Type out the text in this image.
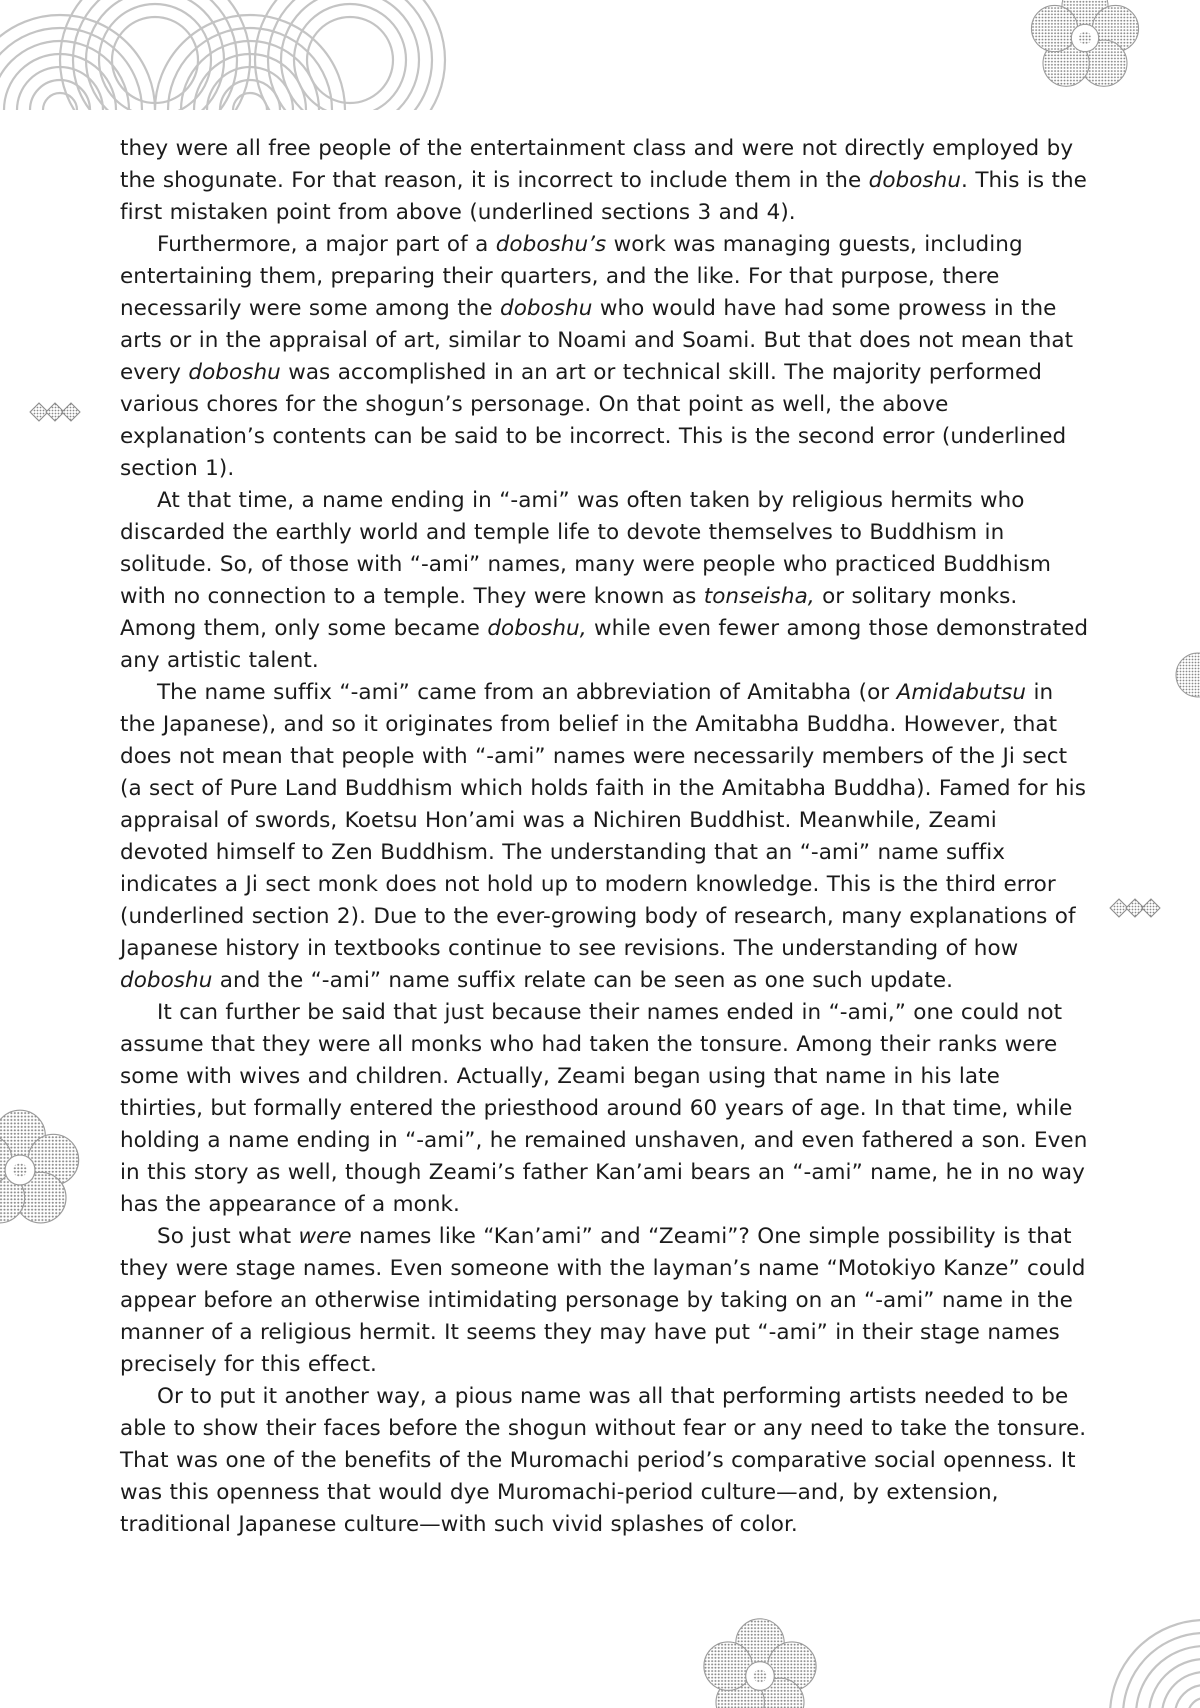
they were all free people of the entertainment class and were not directly employed by the shogunate. For that reason, it is incorrect to include them in the doboshu. This is the first mistaken point from above (underlined sections 3 and 4).

Furthermore, a major part of a doboshu’s work was managing guests, including entertaining them, preparing their quarters, and the like. For that purpose, there necessarily were some among the doboshu who would have had some prowess in the arts or in the appraisal of art, similar to Noami and Soami. But that does not mean that every doboshu was accomplished in an art or technical skill. The majority performed various chores for the shogun’s personage. On that point as well, the above explanation’s contents can be said to be incorrect. This is the second error (underlined section 1).

At that time, a name ending in “-ami” was often taken by religious hermits who discarded the earthly world and temple life to devote themselves to Buddhism in solitude. So, of those with “-ami” names, many were people who practiced Buddhism with no connection to a temple. They were known as tonseisha, or solitary monks. Among them, only some became doboshu, while even fewer among those demonstrated any artistic talent.

The name suffix “-ami” came from an abbreviation of Amitabha (or Amidabutsu in the Japanese), and so it originates from belief in the Amitabha Buddha. However, that does not mean that people with “-ami” names were necessarily members of the Ji sect (a sect of Pure Land Buddhism which holds faith in the Amitabha Buddha). Famed for his appraisal of swords, Koetsu Hon’ami was a Nichiren Buddhist. Meanwhile, Zeami devoted himself to Zen Buddhism. The understanding that an “-ami” name suffix indicates a Ji sect monk does not hold up to modern knowledge. This is the third error (underlined section 2). Due to the ever-growing body of research, many explanations of Japanese history in textbooks continue to see revisions. The understanding of how doboshu and the “-ami” name suffix relate can be seen as one such update.

It can further be said that just because their names ended in “-ami,” one could not assume that they were all monks who had taken the tonsure. Among their ranks were some with wives and children. Actually, Zeami began using that name in his late thirties, but formally entered the priesthood around 60 years of age. In that time, while holding a name ending in “-ami”, he remained unshaven, and even fathered a son. Even in this story as well, though Zeami’s father Kan’ami bears an “-ami” name, he in no way has the appearance of a monk.

So just what were names like “Kan’ami” and “Zeami”? One simple possibility is that they were stage names. Even someone with the layman’s name “Motokiyo Kanze” could appear before an otherwise intimidating personage by taking on an “-ami” name in the manner of a religious hermit. It seems they may have put “-ami” in their stage names precisely for this effect.

Or to put it another way, a pious name was all that performing artists needed to be able to show their faces before the shogun without fear or any need to take the tonsure. That was one of the benefits of the Muromachi period’s comparative social openness. It was this openness that would dye Muromachi-period culture—and, by extension, traditional Japanese culture—with such vivid splashes of color.
